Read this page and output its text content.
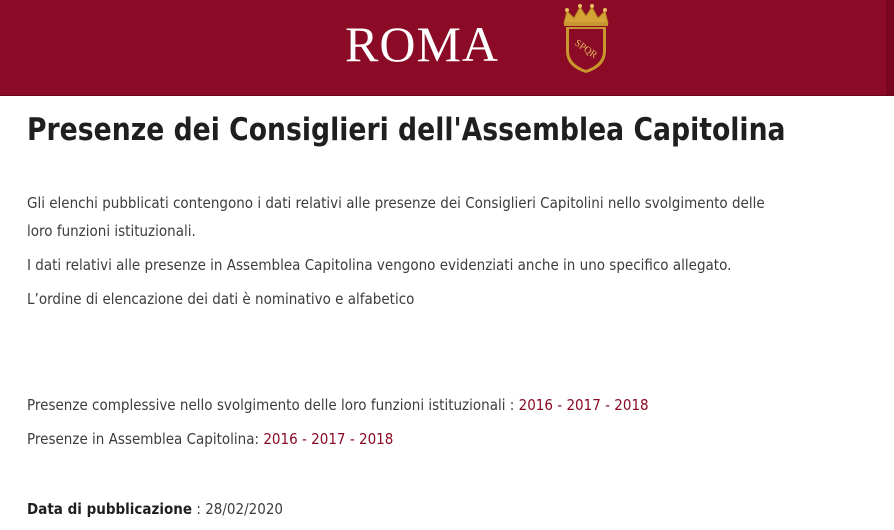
ROMA	SPQR
Presenze dei Consiglieri dell'Assemblea Capitolina

Gli elenchi pubblicati contengono i dati relativi alle presenze dei Consiglieri Capitolini nello svolgimento delle

loro funzioni istituzionali.

I dati relativi alle presenze in Assemblea Capitolina vengono evidenziati anche in uno specifico allegato.

L’ordine di elencazione dei dati è nominativo e alfabetico

Presenze complessive nello svolgimento delle loro funzioni istituzionali : 2016 - 2017 - 2018

Presenze in Assemblea Capitolina: 2016 - 2017 - 2018

Data di pubblicazione : 28/02/2020
